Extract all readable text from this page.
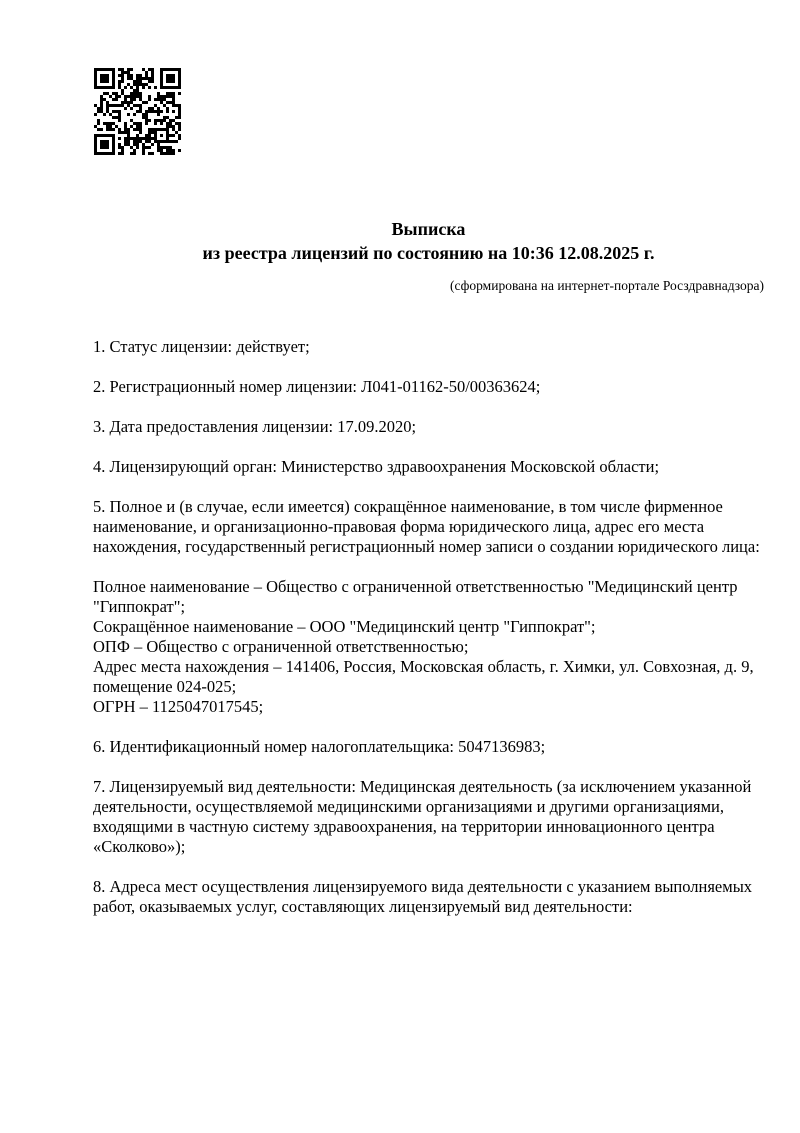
Выписка
из реестра лицензий по состоянию на 10:36 12.08.2025 г.
(сформирована на интернет-портале Росздравнадзора)
1. Статус лицензии: действует;
2. Регистрационный номер лицензии: Л041-01162-50/00363624;
3. Дата предоставления лицензии: 17.09.2020;
4. Лицензирующий орган: Министерство здравоохранения Московской области;
5. Полное и (в случае, если имеется) сокращённое наименование, в том числе фирменное наименование, и организационно-правовая форма юридического лица, адрес его места нахождения, государственный регистрационный номер записи о создании юридического лица:
Полное наименование – Общество с ограниченной ответственностью "Медицинский центр "Гиппократ";
Сокращённое наименование – ООО "Медицинский центр "Гиппократ";
ОПФ – Общество с ограниченной ответственностью;
Адрес места нахождения – 141406, Россия, Московская область, г. Химки, ул. Совхозная, д. 9, помещение 024-025;
ОГРН – 1125047017545;
6. Идентификационный номер налогоплательщика: 5047136983;
7. Лицензируемый вид деятельности: Медицинская деятельность (за исключением указанной деятельности, осуществляемой медицинскими организациями и другими организациями, входящими в частную систему здравоохранения, на территории инновационного центра «Сколково»);
8. Адреса мест осуществления лицензируемого вида деятельности с указанием выполняемых работ, оказываемых услуг, составляющих лицензируемый вид деятельности:
